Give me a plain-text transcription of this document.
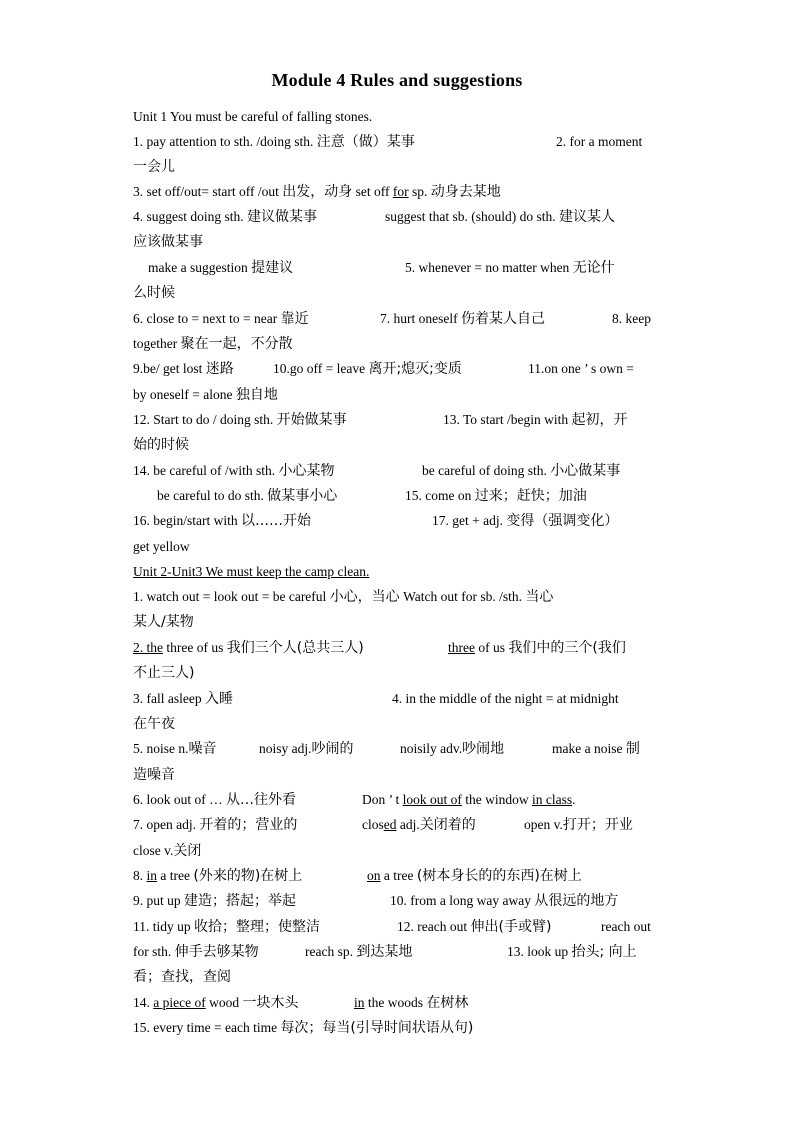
Module 4 Rules and suggestions
Unit 1 You must be careful of falling stones.
1. pay attention to sth. /doing sth. 注意（做）某事	2. for a moment
一会儿
3. set off/out= start off /out 出发，动身 set off for sp. 动身去某地
4. suggest doing sth. 建议做某事	suggest that sb. (should) do sth. 建议某人
应该做某事
make a suggestion 提建议	5. whenever = no matter when 无论什
么时候
6. close to = next to = near 靠近	7. hurt oneself 伤着某人自己	8. keep
together 聚在一起，不分散
9.be/ get lost 迷路	10.go off = leave 离开;熄灭;变质	11.on one ’ s own =
by oneself = alone 独自地
12. Start to do / doing sth. 开始做某事	13. To start /begin with 起初，开
始的时候
14. be careful of /with sth. 小心某物	be careful of doing sth. 小心做某事
be careful to do sth. 做某事小心	15. come on 过来；赶快；加油
16. begin/start with 以……开始	17. get + adj. 变得（强调变化）
get yellow
Unit 2-Unit3 We must keep the camp clean.
1. watch out = look out = be careful 小心，当心 Watch out for sb. /sth. 当心
某人/某物
2. the three of us 我们三个人(总共三人)	three of us 我们中的三个(我们
不止三人)
3. fall asleep 入睡	4. in the middle of the night = at midnight
在午夜
5. noise n.噪音	noisy adj.吵闹的	noisily adv.吵闹地	make a noise 制
造噪音
6. look out of … 从…往外看	Don ’ t look out of the window in class.
7. open adj. 开着的；营业的	closed adj.关闭着的	open v.打开；开业
close v.关闭
8. in a tree (外来的物)在树上	on a tree (树本身长的的东西)在树上
9. put up 建造；搭起；举起	10. from a long way away 从很远的地方
11. tidy up 收拾；整理；使整洁	12. reach out 伸出(手或臂)	reach out
for sth. 伸手去够某物	reach sp. 到达某地	13. look up 抬头; 向上
看；查找，查阅
14. a piece of wood 一块木头	in the woods 在树林
15. every time = each time 每次；每当(引导时间状语从句)
